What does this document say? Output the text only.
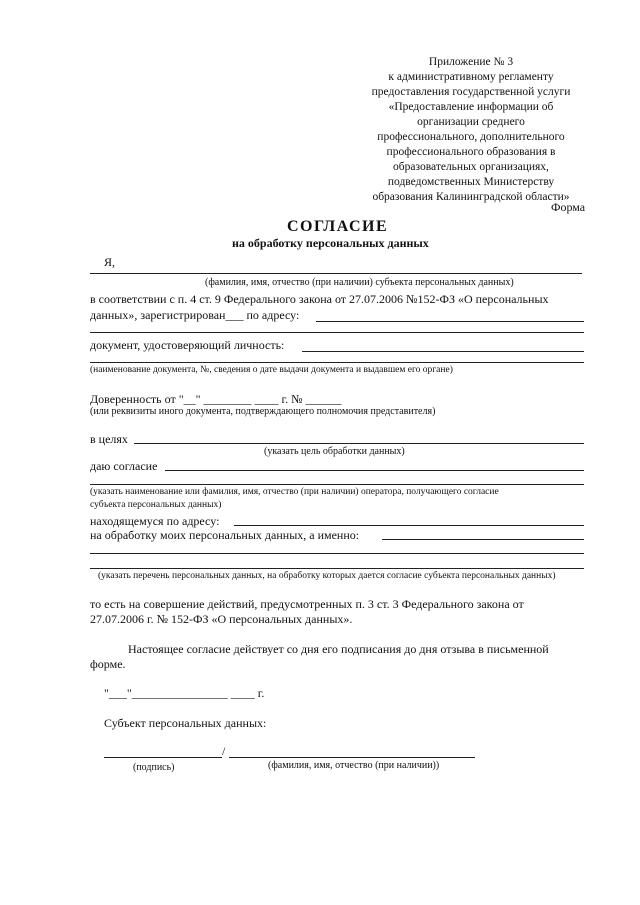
Приложение № 3
к административному регламенту
предоставления государственной услуги
«Предоставление информации об
организации среднего
профессионального, дополнительного
профессионального образования в
образовательных организациях,
подведомственных Министерству
образования Калининградской области»
Форма
СОГЛАСИЕ
на обработку персональных данных
Я,
(фамилия, имя, отчество (при наличии) субъекта персональных данных)
в соответствии с п. 4 ст. 9 Федерального закона от 27.07.2006 №152-ФЗ «О персональных
данных», зарегистрирован___ по адресу:
документ, удостоверяющий личность:
(наименование документа, №, сведения о дате выдачи документа и выдавшем его органе)
Доверенность от "__" ________ ____ г. № ______
(или реквизиты иного документа, подтверждающего полномочия представителя)
в целях
(указать цель обработки данных)
даю согласие
(указать наименование или фамилия, имя, отчество (при наличии) оператора, получающего согласие
субъекта персональных данных)
находящемуся по адресу:
на обработку моих персональных данных, а именно:
(указать перечень персональных данных, на обработку которых дается согласие субъекта персональных данных)
то есть на совершение действий, предусмотренных п. 3 ст. 3 Федерального закона от
27.07.2006 г. № 152-ФЗ «О персональных данных».
Настоящее согласие действует со дня его подписания до дня отзыва в письменной
форме.
"___"________________ ____ г.
Субъект персональных данных:
/
(подпись)	(фамилия, имя, отчество (при наличии))
